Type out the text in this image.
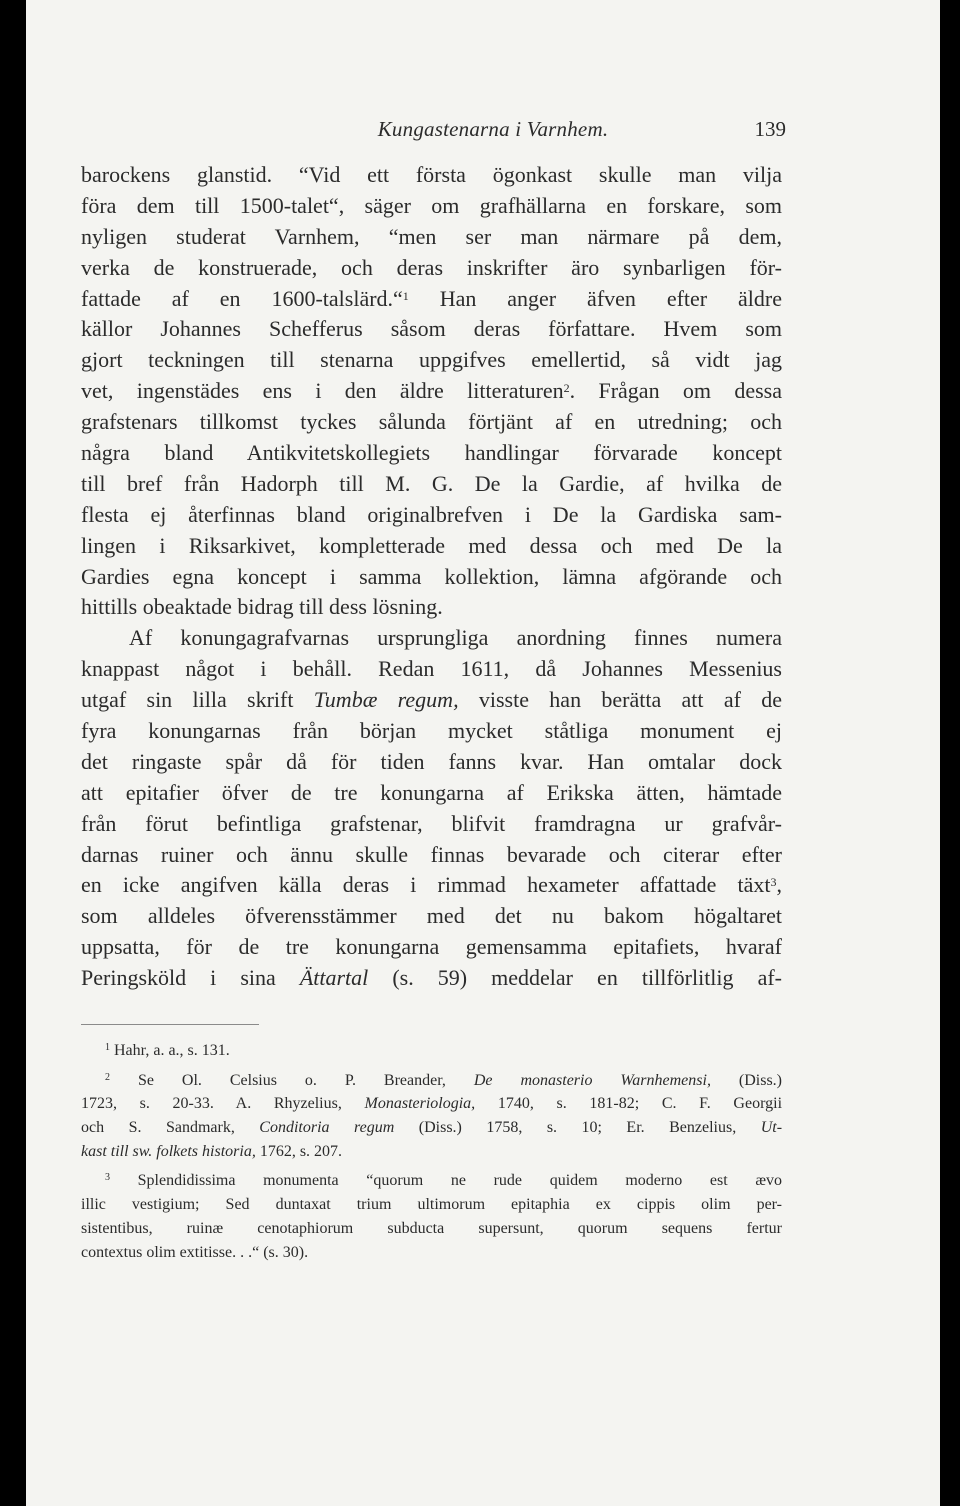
Kungastenarna i Varnhem.	139
barockens glanstid. “Vid ett första ögonkast skulle man vilja
föra dem till 1500-talet“, säger om grafhällarna en forskare, som
nyligen studerat Varnhem, “men ser man närmare på dem,
verka de konstruerade, och deras inskrifter äro synbarligen för-
fattade af en 1600-talslärd.“$^1$ Han anger äfven efter äldre
källor Johannes Schefferus såsom deras författare. Hvem som
gjort teckningen till stenarna uppgifves emellertid, så vidt jag
vet, ingenstädes ens i den äldre litteraturen$^2$. Frågan om dessa
grafstenars tillkomst tyckes sålunda förtjänt af en utredning; och
några bland Antikvitetskollegiets handlingar förvarade koncept
till bref från Hadorph till M. G. De la Gardie, af hvilka de
flesta ej återfinnas bland originalbrefven i De la Gardiska sam-
lingen i Riksarkivet, kompletterade med dessa och med De la
Gardies egna koncept i samma kollektion, lämna afgörande och
hittills obeaktade bidrag till dess lösning.
Af konungagrafvarnas ursprungliga anordning finnes numera
knappast något i behåll. Redan 1611, då Johannes Messenius
utgaf sin lilla skrift Tumbæ regum, visste han berätta att af de
fyra konungarnas från början mycket ståtliga monument ej
det ringaste spår då för tiden fanns kvar. Han omtalar dock
att epitafier öfver de tre konungarna af Erikska ätten, hämtade
från förut befintliga grafstenar, blifvit framdragna ur grafvår-
darnas ruiner och ännu skulle finnas bevarade och citerar efter
en icke angifven källa deras i rimmad hexameter affattade täxt$^3$,
som alldeles öfverensstämmer med det nu bakom högaltaret
uppsatta, för de tre konungarna gemensamma epitafiets, hvaraf
Peringsköld i sina Ättartal (s. 59) meddelar en tillförlitlig af-
$^1$ Hahr, a. a., s. 131.
$^2$ Se Ol. Celsius o. P. Breander, De monasterio Warnhemensi, (Diss.)
1723, s. 20-33. A. Rhyzelius, Monasteriologia, 1740, s. 181-82; C. F. Georgii
och S. Sandmark, Conditoria regum (Diss.) 1758, s. 10; Er. Benzelius, Ut-
kast till sw. folkets historia, 1762, s. 207.
$^3$ Splendidissima monumenta “quorum ne rude quidem moderno est ævo
illic vestigium; Sed duntaxat trium ultimorum epitaphia ex cippis olim per-
sistentibus, ruinæ cenotaphiorum subducta supersunt, quorum sequens fertur
contextus olim extitisse. . .“ (s. 30).
